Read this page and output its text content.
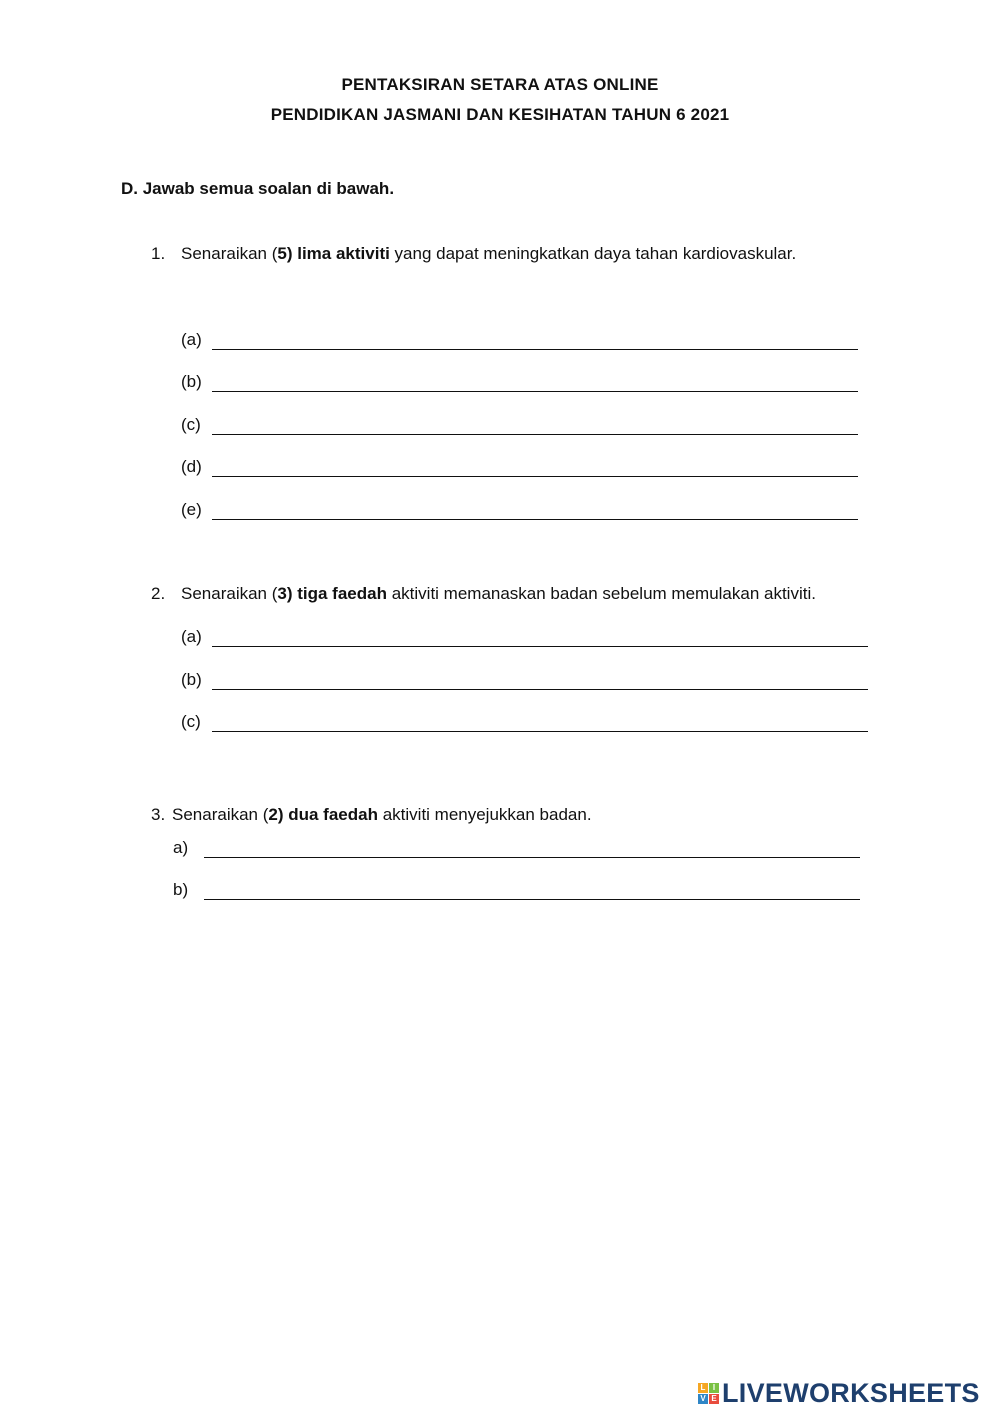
PENTAKSIRAN SETARA ATAS ONLINE
PENDIDIKAN JASMANI DAN KESIHATAN TAHUN 6 2021
D. Jawab semua soalan di bawah.
1. Senaraikan (5) lima aktiviti yang dapat meningkatkan daya tahan kardiovaskular.
(a)
(b)
(c)
(d)
(e)
2. Senaraikan (3) tiga faedah aktiviti memanaskan badan sebelum memulakan aktiviti.
(a)
(b)
(c)
3. Senaraikan (2) dua faedah aktiviti menyejukkan badan.
a)
b)
L I
V E LIVEWORKSHEETS
